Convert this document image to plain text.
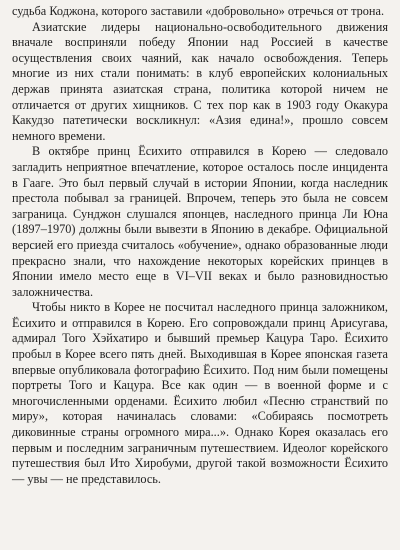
судьба Коджона, которого заставили «добровольно» отречься от трона.

Азиатские лидеры национально-освободительного движения вначале восприняли победу Японии над Россией в качестве осуществления своих чаяний, как начало освобождения. Теперь многие из них стали понимать: в клуб европейских колониальных держав принята азиатская страна, политика которой ничем не отличается от других хищников. С тех пор как в 1903 году Окакура Какудзо патетически воскликнул: «Азия едина!», прошло совсем немного времени.

В октябре принц Ёсихито отправился в Корею — следовало загладить неприятное впечатление, которое осталось после инцидента в Гааге. Это был первый случай в истории Японии, когда наследник престола побывал за границей. Впрочем, теперь это была не совсем заграница. Сунджон слушался японцев, наследного принца Ли Юна (1897–1970) должны были вывезти в Японию в декабре. Официальной версией его приезда считалось «обучение», однако образованные люди прекрасно знали, что нахождение некоторых корейских принцев в Японии имело место еще в VI–VII веках и было разновидностью заложничества.

Чтобы никто в Корее не посчитал наследного принца заложником, Ёсихито и отправился в Корею. Его сопровождали принц Арисугава, адмирал Того Хэйхатиро и бывший премьер Кацура Таро. Ёсихито пробыл в Корее всего пять дней. Выходившая в Корее японская газета впервые опубликовала фотографию Ёсихито. Под ним были помещены портреты Того и Кацура. Все как один — в военной форме и с многочисленными орденами. Ёсихито любил «Песню странствий по миру», которая начиналась словами: «Собираясь посмотреть диковинные страны огромного мира...». Однако Корея оказалась его первым и последним заграничным путешествием. Идеолог корейского путешествия был Ито Хиробуми, другой такой возможности Ёсихито — увы — не представилось.
